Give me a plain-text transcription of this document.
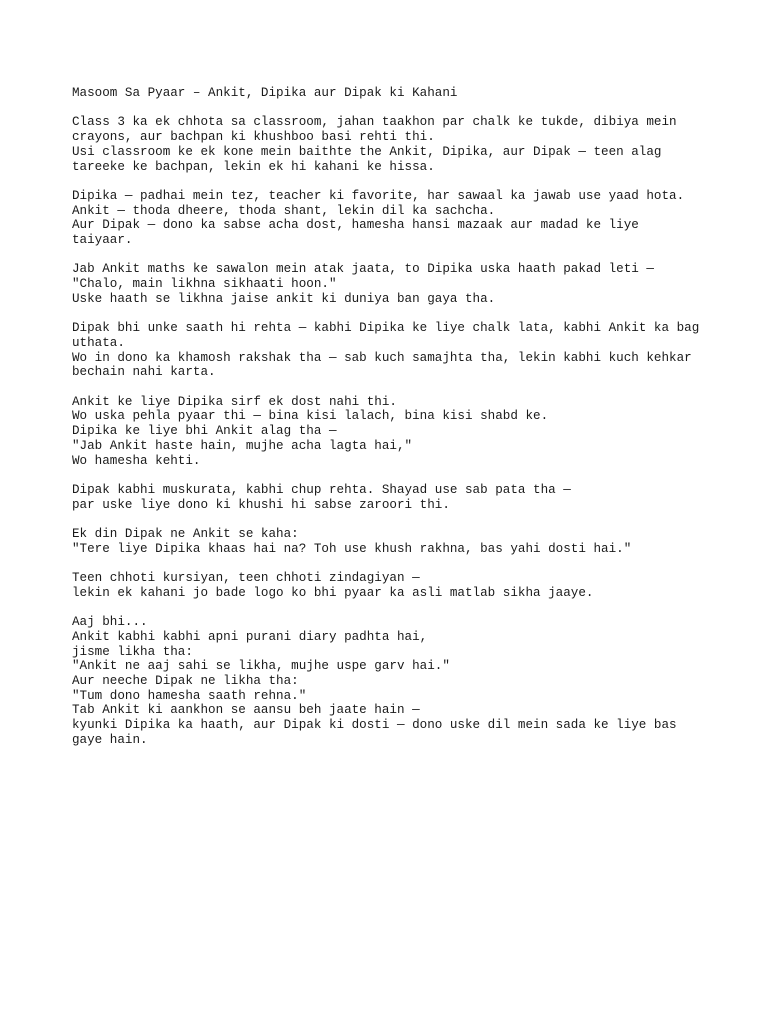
Masoom Sa Pyaar – Ankit, Dipika aur Dipak ki Kahani
Class 3 ka ek chhota sa classroom, jahan taakhon par chalk ke tukde, dibiya mein
crayons, aur bachpan ki khushboo basi rehti thi.
Usi classroom ke ek kone mein baithte the Ankit, Dipika, aur Dipak — teen alag
tareeke ke bachpan, lekin ek hi kahani ke hissa.
Dipika — padhai mein tez, teacher ki favorite, har sawaal ka jawab use yaad hota.
Ankit — thoda dheere, thoda shant, lekin dil ka sachcha.
Aur Dipak — dono ka sabse acha dost, hamesha hansi mazaak aur madad ke liye
taiyaar.
Jab Ankit maths ke sawalon mein atak jaata, to Dipika uska haath pakad leti —
"Chalo, main likhna sikhaati hoon."
Uske haath se likhna jaise ankit ki duniya ban gaya tha.
Dipak bhi unke saath hi rehta — kabhi Dipika ke liye chalk lata, kabhi Ankit ka bag
uthata.
Wo in dono ka khamosh rakshak tha — sab kuch samajhta tha, lekin kabhi kuch kehkar
bechain nahi karta.
Ankit ke liye Dipika sirf ek dost nahi thi.
Wo uska pehla pyaar thi — bina kisi lalach, bina kisi shabd ke.
Dipika ke liye bhi Ankit alag tha —
"Jab Ankit haste hain, mujhe acha lagta hai,"
Wo hamesha kehti.
Dipak kabhi muskurata, kabhi chup rehta. Shayad use sab pata tha —
par uske liye dono ki khushi hi sabse zaroori thi.
Ek din Dipak ne Ankit se kaha:
"Tere liye Dipika khaas hai na? Toh use khush rakhna, bas yahi dosti hai."
Teen chhoti kursiyan, teen chhoti zindagiyan —
lekin ek kahani jo bade logo ko bhi pyaar ka asli matlab sikha jaaye.
Aaj bhi...
Ankit kabhi kabhi apni purani diary padhta hai,
jisme likha tha:
"Ankit ne aaj sahi se likha, mujhe uspe garv hai."
Aur neeche Dipak ne likha tha:
"Tum dono hamesha saath rehna."
Tab Ankit ki aankhon se aansu beh jaate hain —
kyunki Dipika ka haath, aur Dipak ki dosti — dono uske dil mein sada ke liye bas
gaye hain.
